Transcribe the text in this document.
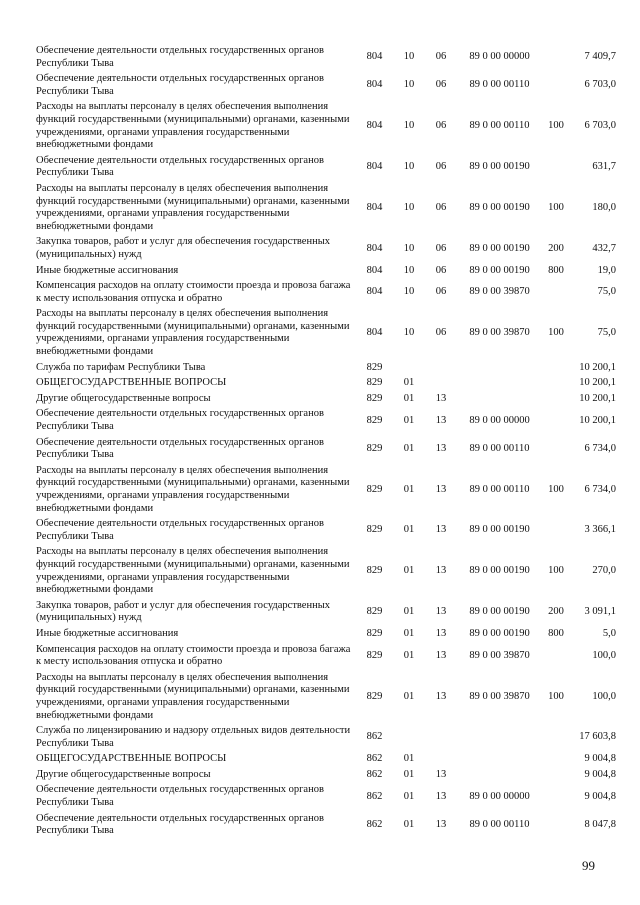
Обеспечение деятельности отдельных государственных органов Республики Тыва	804	10	06	89 0 00 00000		7 409,7
Обеспечение деятельности отдельных государственных органов Республики Тыва	804	10	06	89 0 00 00110		6 703,0
Расходы на выплаты персоналу в целях обеспечения выполнения функций государственными (муниципальными) органами, казенными учреждениями, органами управления государственными внебюджетными фондами	804	10	06	89 0 00 00110	100	6 703,0
Обеспечение деятельности отдельных государственных органов Республики Тыва	804	10	06	89 0 00 00190		631,7
Расходы на выплаты персоналу в целях обеспечения выполнения функций государственными (муниципальными) органами, казенными учреждениями, органами управления государственными внебюджетными фондами	804	10	06	89 0 00 00190	100	180,0
Закупка товаров, работ и услуг для обеспечения государственных (муниципальных) нужд	804	10	06	89 0 00 00190	200	432,7
Иные бюджетные ассигнования	804	10	06	89 0 00 00190	800	19,0
Компенсация расходов на оплату стоимости проезда и провоза багажа к месту использования отпуска и обратно	804	10	06	89 0 00 39870		75,0
Расходы на выплаты персоналу в целях обеспечения выполнения функций государственными (муниципальными) органами, казенными учреждениями, органами управления государственными внебюджетными фондами	804	10	06	89 0 00 39870	100	75,0
Служба по тарифам Республики Тыва	829					10 200,1
ОБЩЕГОСУДАРСТВЕННЫЕ ВОПРОСЫ	829	01				10 200,1
Другие общегосударственные вопросы	829	01	13			10 200,1
Обеспечение деятельности отдельных государственных органов Республики Тыва	829	01	13	89 0 00 00000		10 200,1
Обеспечение деятельности отдельных государственных органов Республики Тыва	829	01	13	89 0 00 00110		6 734,0
Расходы на выплаты персоналу в целях обеспечения выполнения функций государственными (муниципальными) органами, казенными учреждениями, органами управления государственными внебюджетными фондами	829	01	13	89 0 00 00110	100	6 734,0
Обеспечение деятельности отдельных государственных органов Республики Тыва	829	01	13	89 0 00 00190		3 366,1
Расходы на выплаты персоналу в целях обеспечения выполнения функций государственными (муниципальными) органами, казенными учреждениями, органами управления государственными внебюджетными фондами	829	01	13	89 0 00 00190	100	270,0
Закупка товаров, работ и услуг для обеспечения государственных (муниципальных) нужд	829	01	13	89 0 00 00190	200	3 091,1
Иные бюджетные ассигнования	829	01	13	89 0 00 00190	800	5,0
Компенсация расходов на оплату стоимости проезда и провоза багажа к месту использования отпуска и обратно	829	01	13	89 0 00 39870		100,0
Расходы на выплаты персоналу в целях обеспечения выполнения функций государственными (муниципальными) органами, казенными учреждениями, органами управления государственными внебюджетными фондами	829	01	13	89 0 00 39870	100	100,0
Служба по лицензированию и надзору отдельных видов деятельности Республики Тыва	862					17 603,8
ОБЩЕГОСУДАРСТВЕННЫЕ ВОПРОСЫ	862	01				9 004,8
Другие общегосударственные вопросы	862	01	13			9 004,8
Обеспечение деятельности отдельных государственных органов Республики Тыва	862	01	13	89 0 00 00000		9 004,8
Обеспечение деятельности отдельных государственных органов Республики Тыва	862	01	13	89 0 00 00110		8 047,8
99
